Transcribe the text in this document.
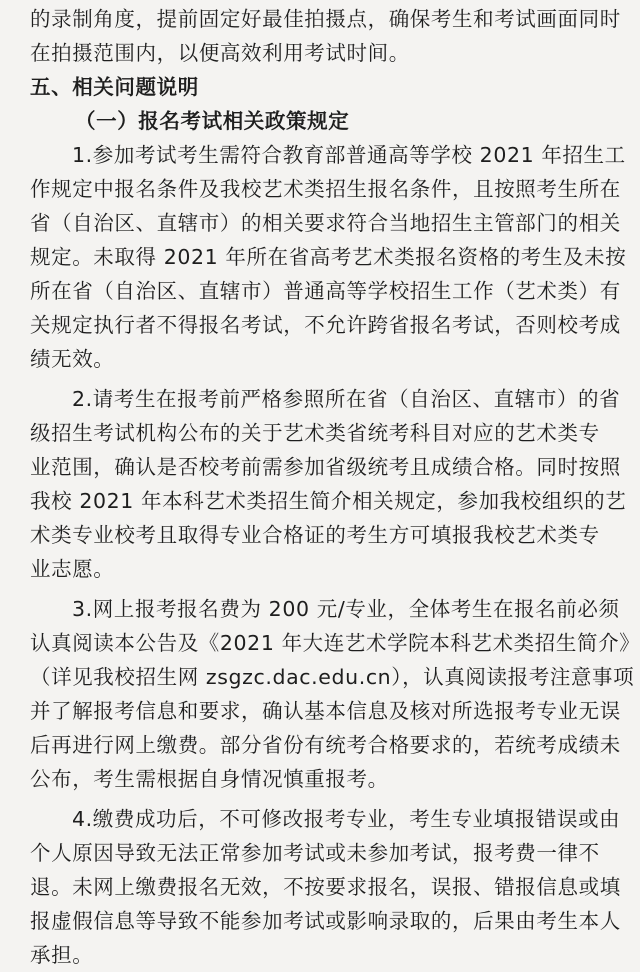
的录制角度，提前固定好最佳拍摄点，确保考生和考试画面同时
在拍摄范围内，以便高效利用考试时间。
五、相关问题说明
（一）报名考试相关政策规定
1.参加考试考生需符合教育部普通高等学校 2021 年招生工
作规定中报名条件及我校艺术类招生报名条件，且按照考生所在
省（自治区、直辖市）的相关要求符合当地招生主管部门的相关
规定。未取得 2021 年所在省高考艺术类报名资格的考生及未按
所在省（自治区、直辖市）普通高等学校招生工作（艺术类）有
关规定执行者不得报名考试，不允许跨省报名考试，否则校考成
绩无效。
2.请考生在报考前严格参照所在省（自治区、直辖市）的省
级招生考试机构公布的关于艺术类省统考科目对应的艺术类专
业范围，确认是否校考前需参加省级统考且成绩合格。同时按照
我校 2021 年本科艺术类招生简介相关规定，参加我校组织的艺
术类专业校考且取得专业合格证的考生方可填报我校艺术类专
业志愿。
3.网上报考报名费为 200 元/专业，全体考生在报名前必须
认真阅读本公告及《2021 年大连艺术学院本科艺术类招生简介》
（详见我校招生网 zsgzc.dac.edu.cn），认真阅读报考注意事项
并了解报考信息和要求，确认基本信息及核对所选报考专业无误
后再进行网上缴费。部分省份有统考合格要求的，若统考成绩未
公布，考生需根据自身情况慎重报考。
4.缴费成功后，不可修改报考专业，考生专业填报错误或由
个人原因导致无法正常参加考试或未参加考试，报考费一律不
退。未网上缴费报名无效，不按要求报名，误报、错报信息或填
报虚假信息等导致不能参加考试或影响录取的，后果由考生本人
承担。
